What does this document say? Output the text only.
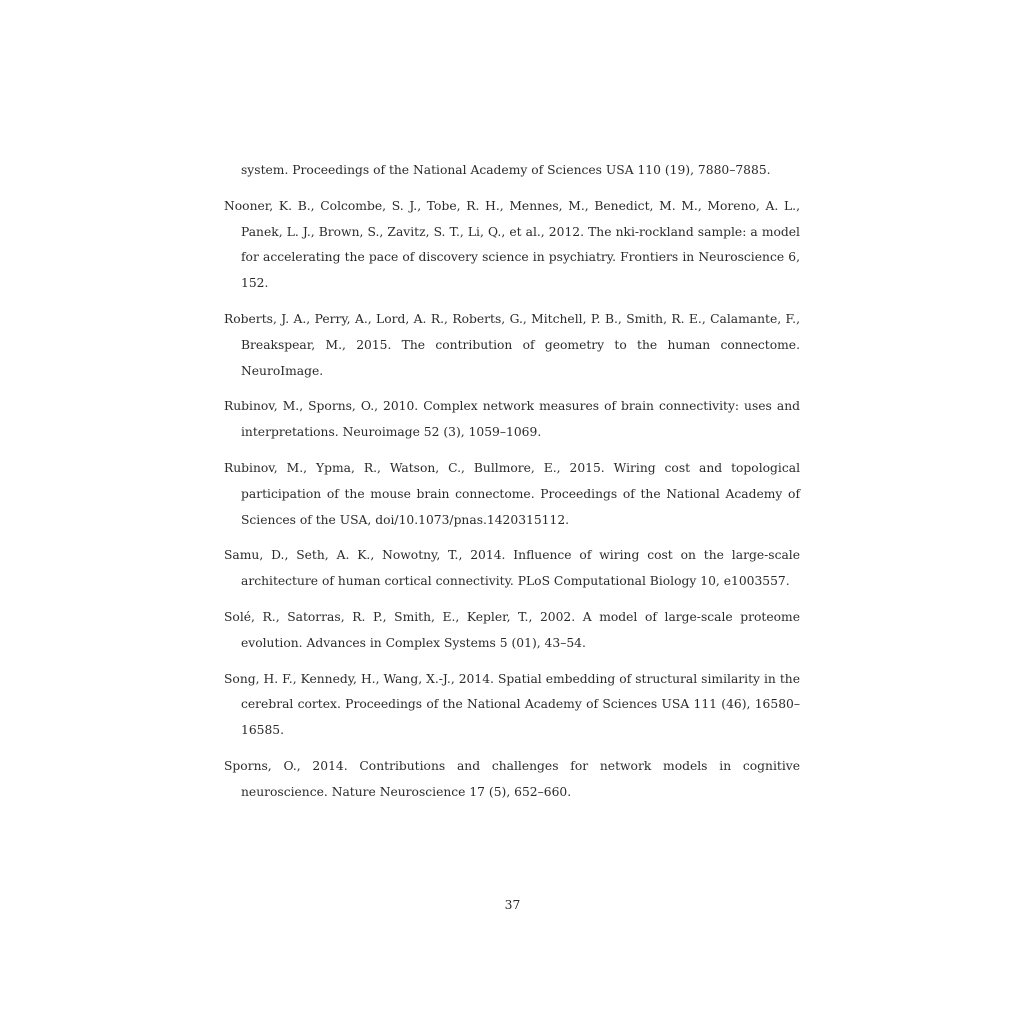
system. Proceedings of the National Academy of Sciences USA 110 (19), 7880–7885.
Nooner, K. B., Colcombe, S. J., Tobe, R. H., Mennes, M., Benedict, M. M., Moreno, A. L., Panek, L. J., Brown, S., Zavitz, S. T., Li, Q., et al., 2012. The nki-rockland sample: a model for accelerating the pace of discovery science in psychiatry. Frontiers in Neuroscience 6, 152.
Roberts, J. A., Perry, A., Lord, A. R., Roberts, G., Mitchell, P. B., Smith, R. E., Calamante, F., Breakspear, M., 2015. The contribution of geometry to the human connectome. NeuroImage.
Rubinov, M., Sporns, O., 2010. Complex network measures of brain connectivity: uses and interpretations. Neuroimage 52 (3), 1059–1069.
Rubinov, M., Ypma, R., Watson, C., Bullmore, E., 2015. Wiring cost and topological participation of the mouse brain connectome. Proceedings of the National Academy of Sciences of the USA, doi/10.1073/pnas.1420315112.
Samu, D., Seth, A. K., Nowotny, T., 2014. Influence of wiring cost on the large-scale architecture of human cortical connectivity. PLoS Computational Biology 10, e1003557.
Solé, R., Satorras, R. P., Smith, E., Kepler, T., 2002. A model of large-scale proteome evolution. Advances in Complex Systems 5 (01), 43–54.
Song, H. F., Kennedy, H., Wang, X.-J., 2014. Spatial embedding of structural similarity in the cerebral cortex. Proceedings of the National Academy of Sciences USA 111 (46), 16580–16585.
Sporns, O., 2014. Contributions and challenges for network models in cognitive neuroscience. Nature Neuroscience 17 (5), 652–660.
37
